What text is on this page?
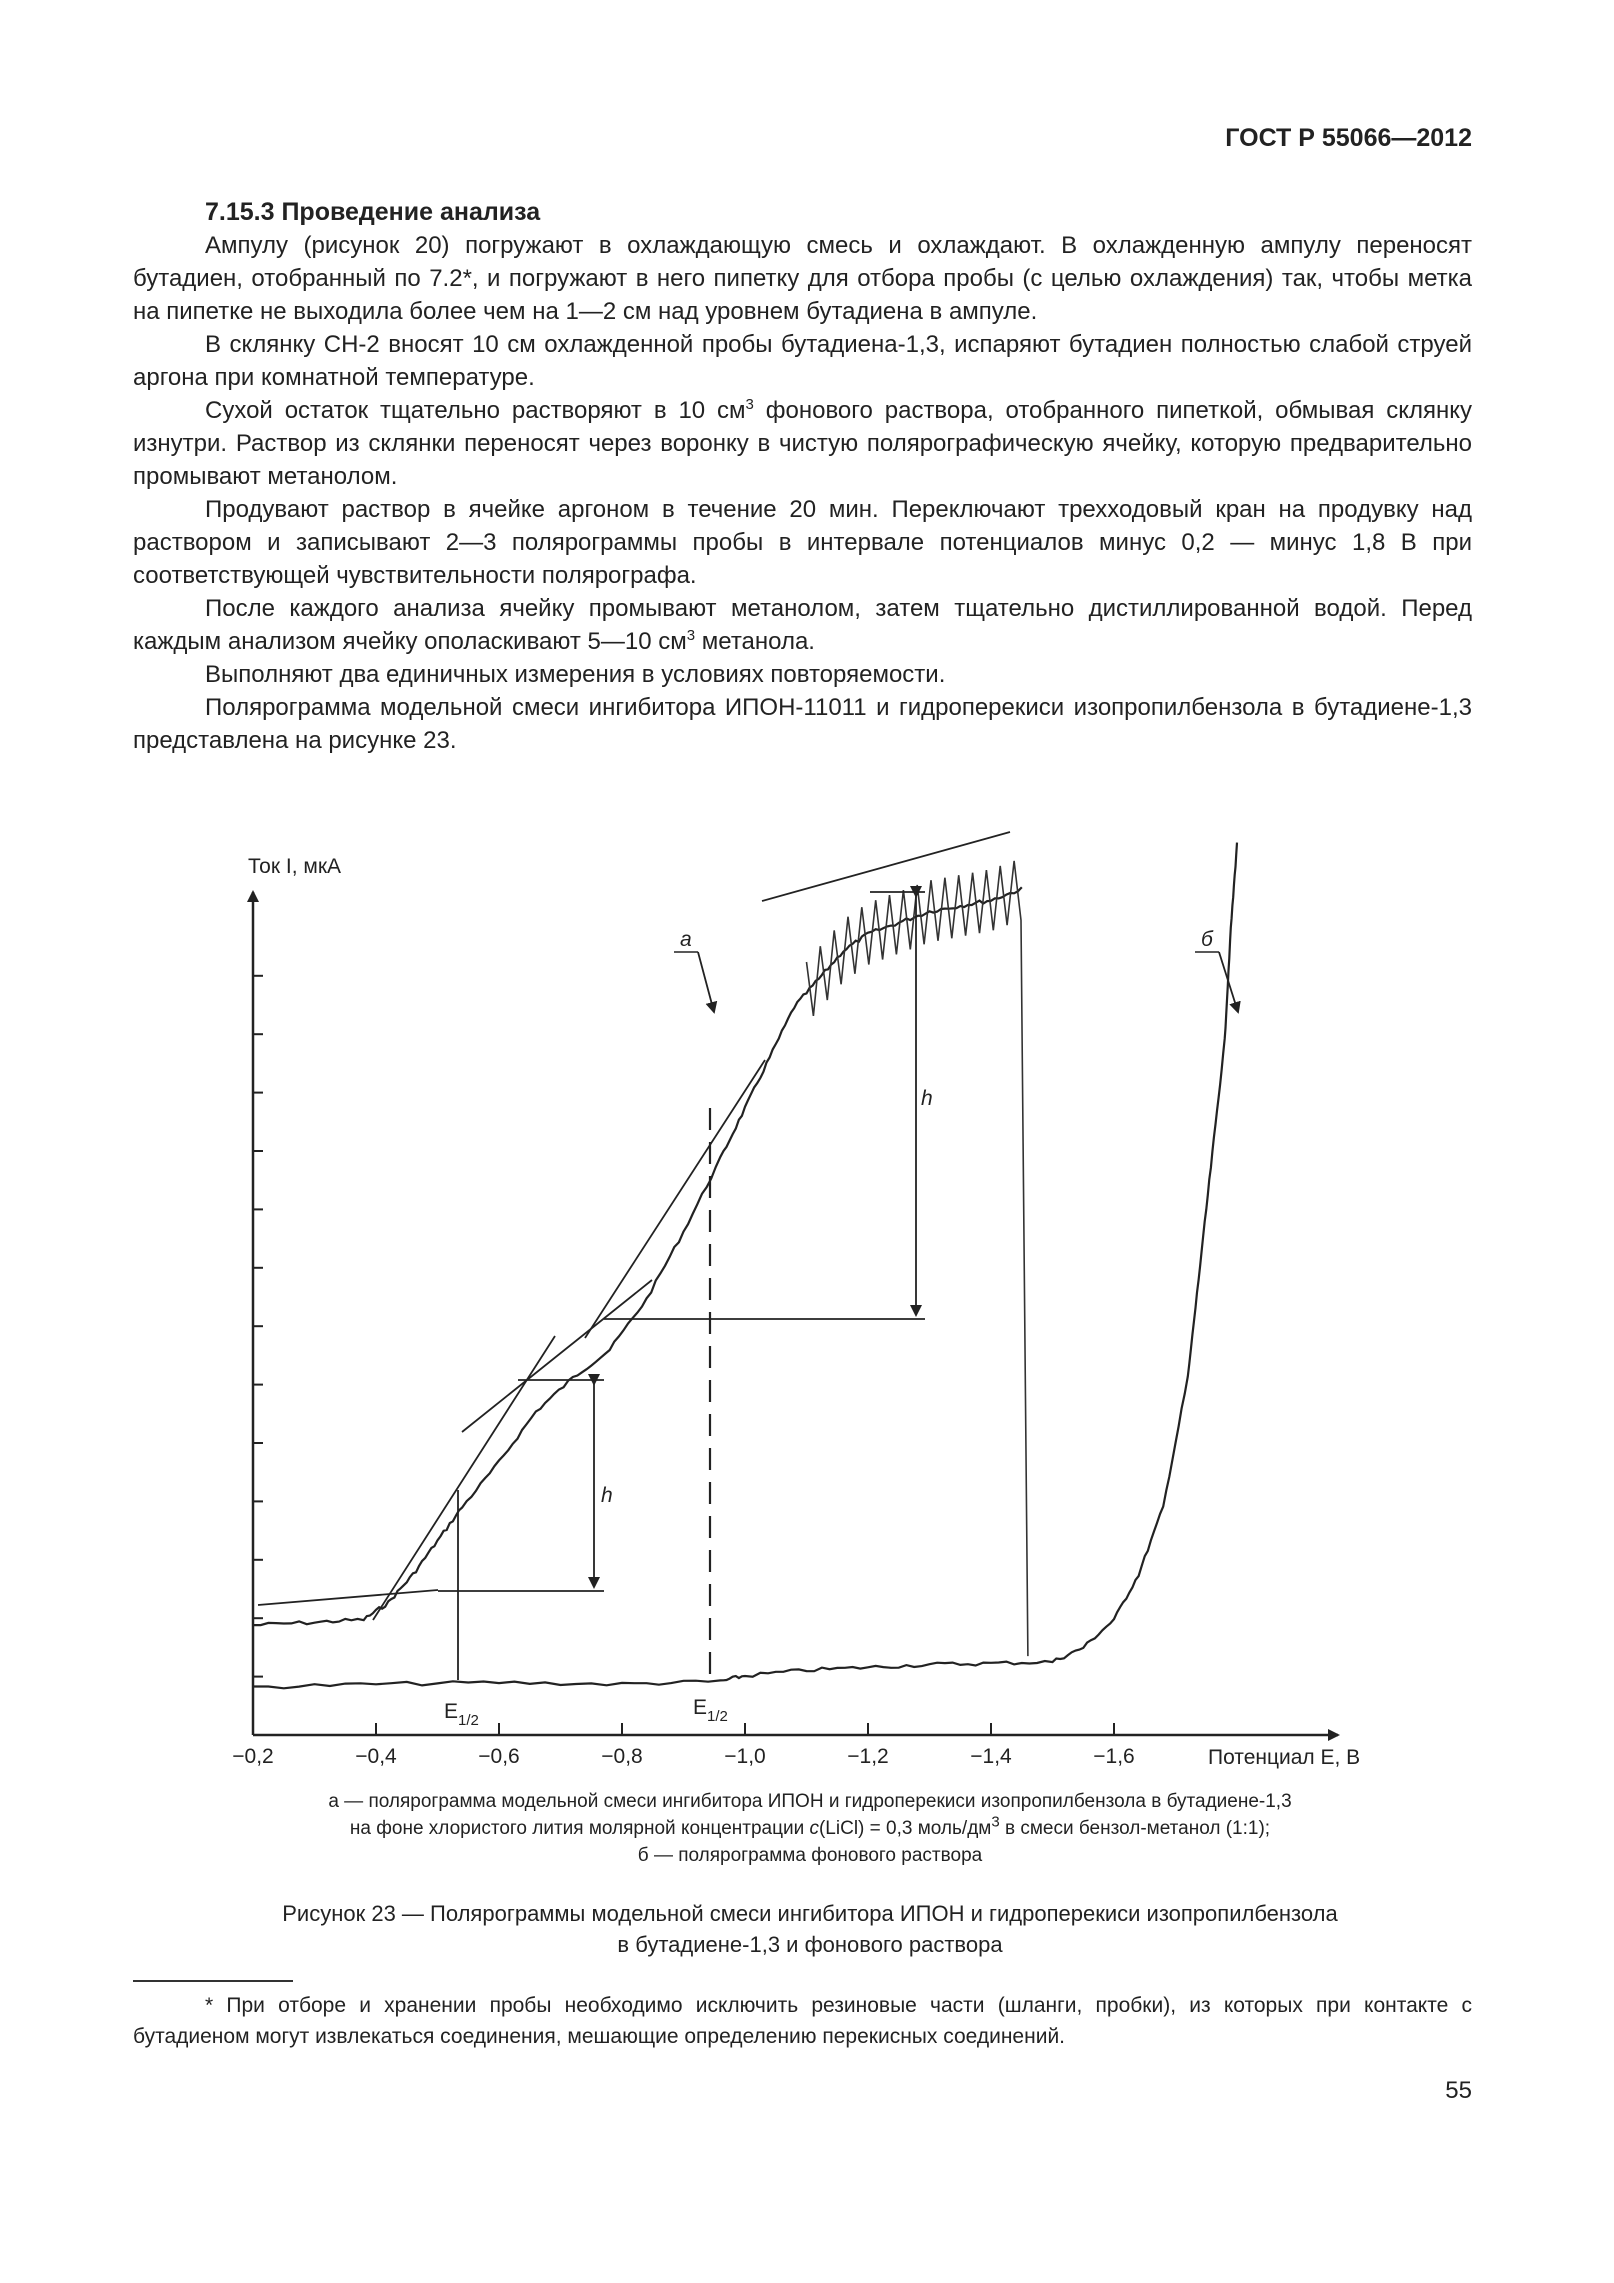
ГОСТ Р 55066—2012
7.15.3 Проведение анализа

Ампулу (рисунок 20) погружают в охлаждающую смесь и охлаждают. В охлажденную ампулу переносят бутадиен, отобранный по 7.2*, и погружают в него пипетку для отбора пробы (с целью охлаждения) так, чтобы метка на пипетке не выходила более чем на 1—2 см над уровнем бутадиена в ампуле.

В склянку СН-2 вносят 10 см охлажденной пробы бутадиена-1,3, испаряют бутадиен полностью слабой струей аргона при комнатной температуре.

Сухой остаток тщательно растворяют в 10 $см^3$ фонового раствора, отобранного пипеткой, обмывая склянку изнутри. Раствор из склянки переносят через воронку в чистую полярографическую ячейку, которую предварительно промывают метанолом.

Продувают раствор в ячейке аргоном в течение 20 мин. Переключают трехходовый кран на продувку над раствором и записывают 2—3 полярограммы пробы в интервале потенциалов минус 0,2 — минус 1,8 В при соответствующей чувствительности полярографа.

После каждого анализа ячейку промывают метанолом, затем тщательно дистиллированной водой. Перед каждым анализом ячейку ополаскивают 5—10 $см^3$ метанола.

Выполняют два единичных измерения в условиях повторяемости.

Полярограмма модельной смеси ингибитора ИПОН-11011 и гидроперекиси изопропилбензола в бутадиене-1,3 представлена на рисунке 23.

−0,2	−0,4	−0,6	−0,8	−1,0	−1,2	−1,4	−1,6
Ток I, мкА
Потенциал E, В
h
h
$E_{1/2}$
$E_{1/2}$
а	б
а — полярограмма модельной смеси ингибитора ИПОН и гидроперекиси изопропилбензола в бутадиене-1,3
на фоне хлористого лития молярной концентрации c(LiCl) = 0,3 моль/$дм^3$ в смеси бензол-метанол (1:1);
б — полярограмма фонового раствора
Рисунок 23 — Полярограммы модельной смеси ингибитора ИПОН и гидроперекиси изопропилбензола
в бутадиене-1,3 и фонового раствора
* При отборе и хранении пробы необходимо исключить резиновые части (шланги, пробки), из которых при контакте с бутадиеном могут извлекаться соединения, мешающие определению перекисных соединений.
55
